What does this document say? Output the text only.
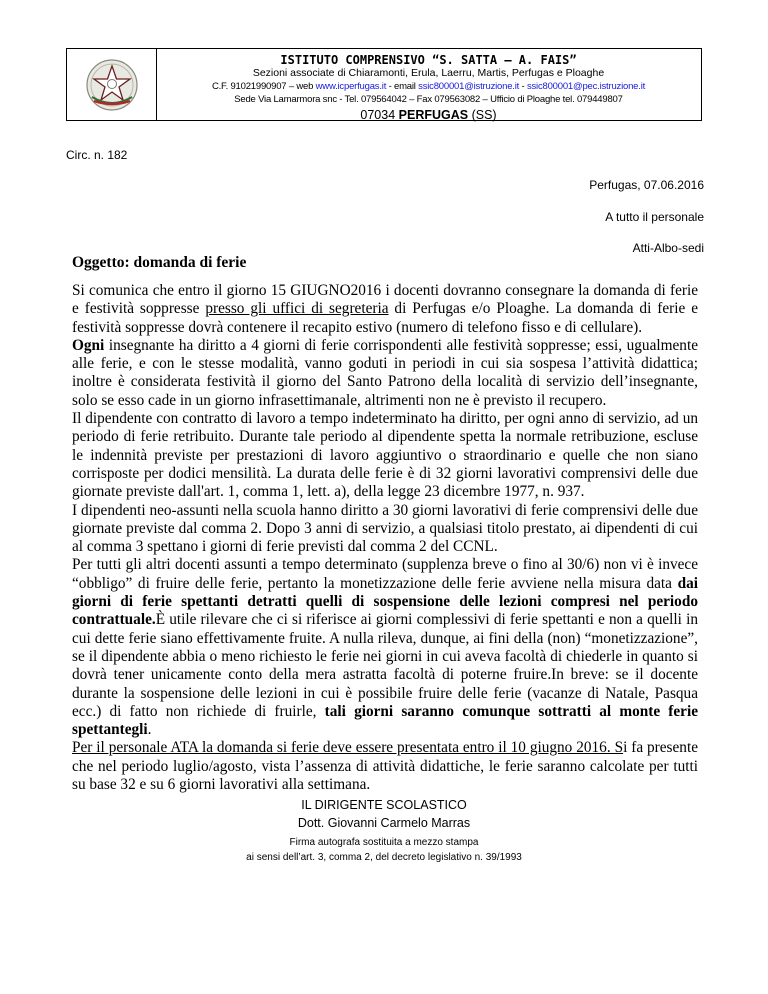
ISTITUTO COMPRENSIVO “S. SATTA – A. FAIS”
Sezioni associate di Chiaramonti, Erula, Laerru, Martis, Perfugas e Ploaghe
C.F. 91021990907 – web www.icperfugas.it - email ssic800001@istruzione.it - ssic800001@pec.istruzione.it
Sede Via Lamarmora snc - Tel. 079564042 – Fax 079563082 – Ufficio di Ploaghe tel. 079449807
07034 PERFUGAS (SS)
Circ. n. 182
Perfugas, 07.06.2016
A tutto il personale
Atti-Albo-sedi
Oggetto: domanda di ferie

Si comunica che entro il giorno 15 GIUGNO2016 i docenti dovranno consegnare la domanda di ferie e festività soppresse presso gli uffici di segreteria di Perfugas e/o Ploaghe. La domanda di ferie e festività soppresse dovrà contenere il recapito estivo (numero di telefono fisso e di cellulare).

Ogni insegnante ha diritto a 4 giorni di ferie corrispondenti alle festività soppresse; essi, ugualmente alle ferie, e con le stesse modalità, vanno goduti in periodi in cui sia sospesa l’attività didattica; inoltre è considerata festività il giorno del Santo Patrono della località di servizio dell’insegnante, solo se esso cade in un giorno infrasettimanale, altrimenti non ne è previsto il recupero.

Il dipendente con contratto di lavoro a tempo indeterminato ha diritto, per ogni anno di servizio, ad un periodo di ferie retribuito. Durante tale periodo al dipendente spetta la normale retribuzione, escluse le indennità previste per prestazioni di lavoro aggiuntivo o straordinario e quelle che non siano corrisposte per dodici mensilità. La durata delle ferie è di 32 giorni lavorativi comprensivi delle due giornate previste dall'art. 1, comma 1, lett. a), della legge 23 dicembre 1977, n. 937.

I dipendenti neo-assunti nella scuola hanno diritto a 30 giorni lavorativi di ferie comprensivi delle due giornate previste dal comma 2. Dopo 3 anni di servizio, a qualsiasi titolo prestato, ai dipendenti di cui al comma 3 spettano i giorni di ferie previsti dal comma 2 del CCNL.

Per tutti gli altri docenti assunti a tempo determinato (supplenza breve o fino al 30/6) non vi è invece “obbligo” di fruire delle ferie, pertanto la monetizzazione delle ferie avviene nella misura data dai giorni di ferie spettanti detratti quelli di sospensione delle lezioni compresi nel periodo contrattuale.È utile rilevare che ci si riferisce ai giorni complessivi di ferie spettanti e non a quelli in cui dette ferie siano effettivamente fruite. A nulla rileva, dunque, ai fini della (non) “monetizzazione”, se il dipendente abbia o meno richiesto le ferie nei giorni in cui aveva facoltà di chiederle in quanto si dovrà tener unicamente conto della mera astratta facoltà di poterne fruire.In breve: se il docente durante la sospensione delle lezioni in cui è possibile fruire delle ferie (vacanze di Natale, Pasqua ecc.) di fatto non richiede di fruirle, tali giorni saranno comunque sottratti al monte ferie spettantegli.

Per il personale ATA la domanda si ferie deve essere presentata entro il 10 giugno 2016. Si fa presente che nel periodo luglio/agosto, vista l’assenza di attività didattiche, le ferie saranno calcolate per tutti su base 32 e su 6 giorni lavorativi alla settimana.

IL DIRIGENTE SCOLASTICO
Dott. Giovanni Carmelo Marras
Firma autografa sostituita a mezzo stampa
ai sensi dell’art. 3, comma 2, del decreto legislativo n. 39/1993
